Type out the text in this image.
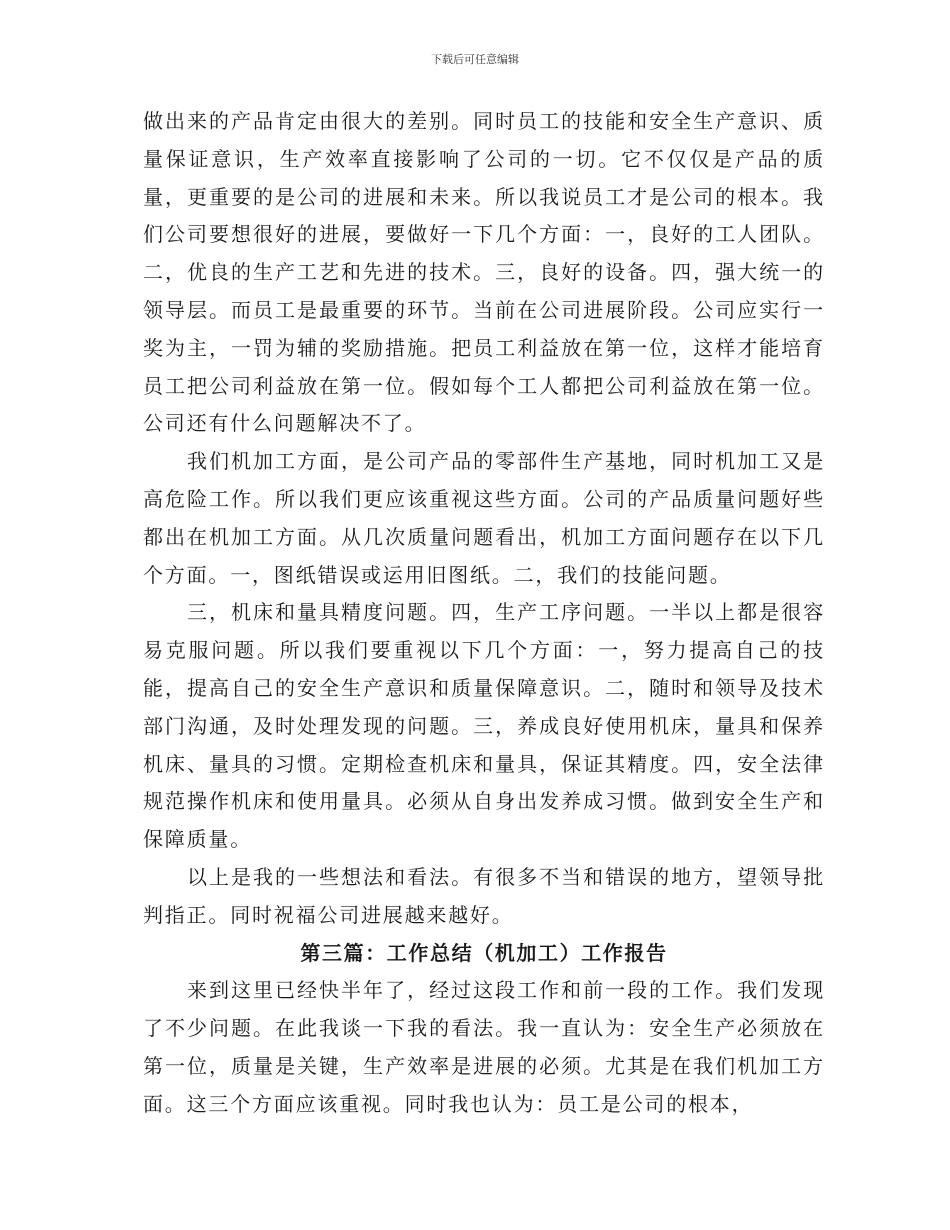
下载后可任意编辑

做出来的产品肯定由很大的差别。同时员工的技能和安全生产意识、质量保证意识，生产效率直接影响了公司的一切。它不仅仅是产品的质量，更重要的是公司的进展和未来。所以我说员工才是公司的根本。我们公司要想很好的进展，要做好一下几个方面：一，良好的工人团队。二，优良的生产工艺和先进的技术。三，良好的设备。四，强大统一的领导层。而员工是最重要的环节。当前在公司进展阶段。公司应实行一奖为主，一罚为辅的奖励措施。把员工利益放在第一位，这样才能培育员工把公司利益放在第一位。假如每个工人都把公司利益放在第一位。公司还有什么问题解决不了。

我们机加工方面，是公司产品的零部件生产基地，同时机加工又是高危险工作。所以我们更应该重视这些方面。公司的产品质量问题好些都出在机加工方面。从几次质量问题看出，机加工方面问题存在以下几个方面。一，图纸错误或运用旧图纸。二，我们的技能问题。

三，机床和量具精度问题。四，生产工序问题。一半以上都是很容易克服问题。所以我们要重视以下几个方面：一，努力提高自己的技能，提高自己的安全生产意识和质量保障意识。二，随时和领导及技术部门沟通，及时处理发现的问题。三，养成良好使用机床，量具和保养机床、量具的习惯。定期检查机床和量具，保证其精度。四，安全法律规范操作机床和使用量具。必须从自身出发养成习惯。做到安全生产和保障质量。

以上是我的一些想法和看法。有很多不当和错误的地方，望领导批判指正。同时祝福公司进展越来越好。

第三篇：工作总结（机加工）工作报告

来到这里已经快半年了，经过这段工作和前一段的工作。我们发现了不少问题。在此我谈一下我的看法。我一直认为：安全生产必须放在第一位，质量是关键，生产效率是进展的必须。尤其是在我们机加工方面。这三个方面应该重视。同时我也认为：员工是公司的根本，
